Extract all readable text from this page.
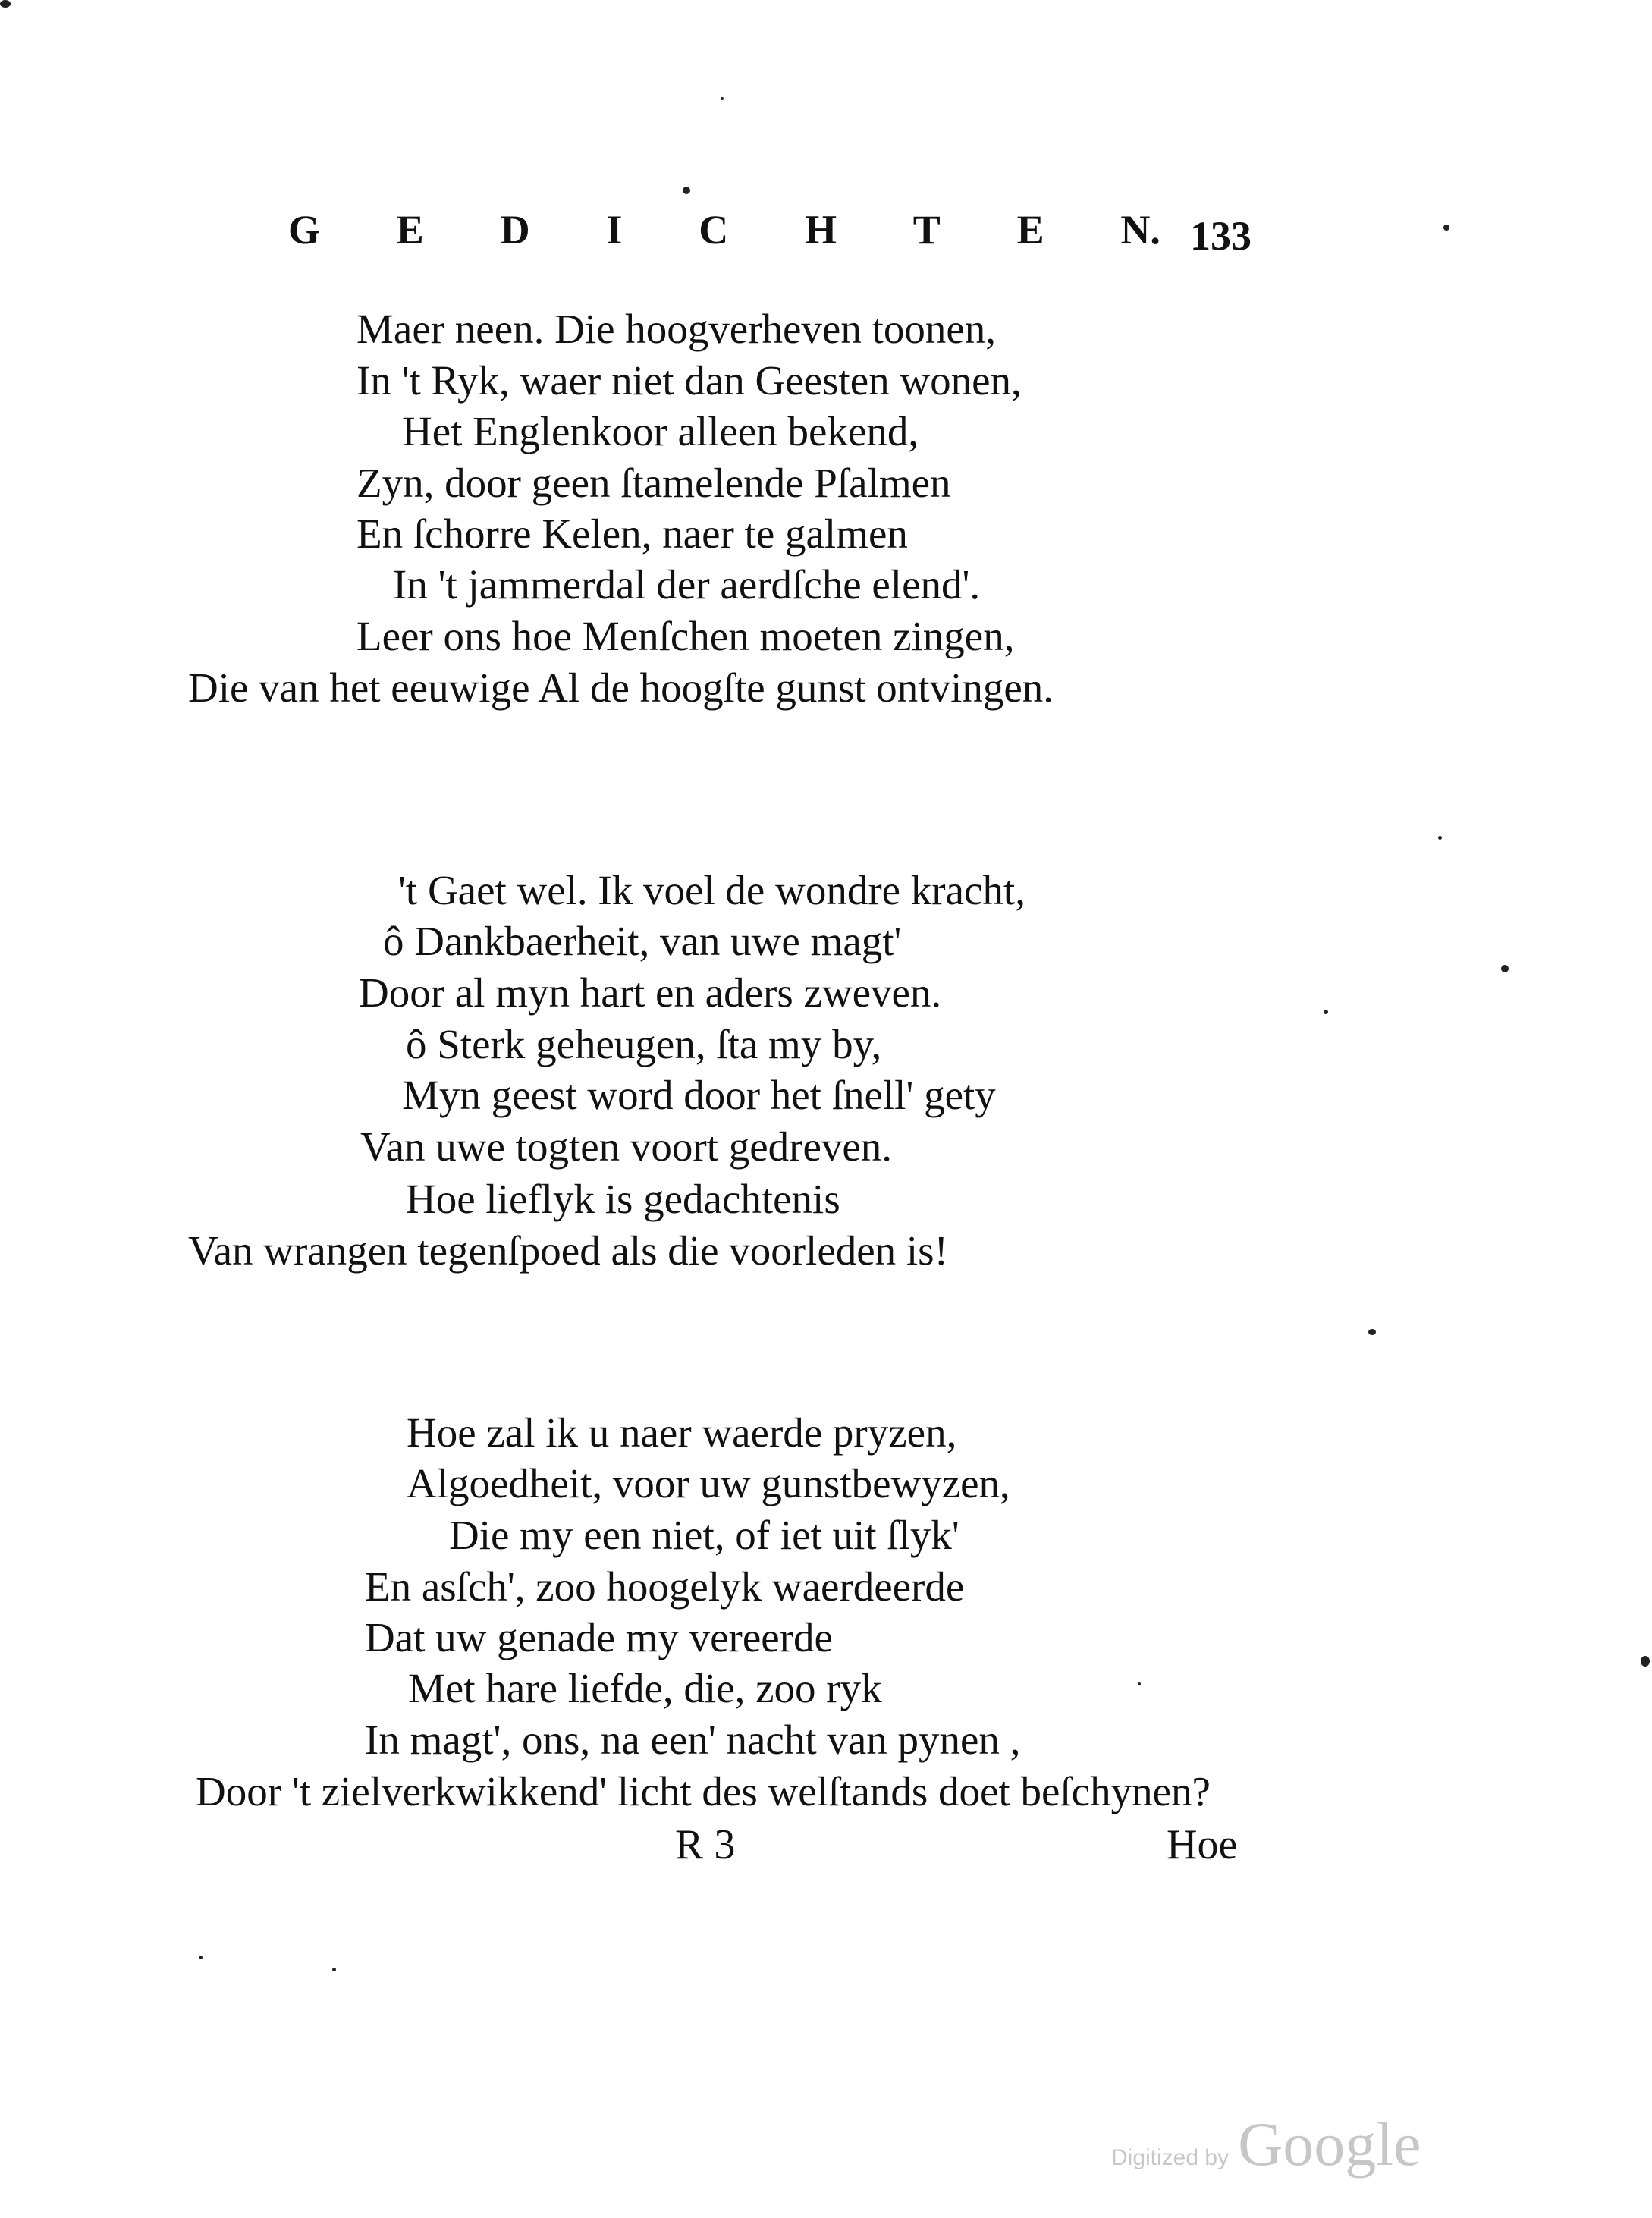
G E D I C H T E N. 133
Maer neen. Die hoogverheven toonen,
In 't Ryk, waer niet dan Geesten wonen,
Het Englenkoor alleen bekend,
Zyn, door geen ſtamelende Pſalmen
En ſchorre Kelen, naer te galmen
In 't jammerdal der aerdſche elend'.
Leer ons hoe Menſchen moeten zingen,
Die van het eeuwige Al de hoogſte gunst ontvingen.
't Gaet wel. Ik voel de wondre kracht,
ô Dankbaerheit, van uwe magt'
Door al myn hart en aders zweven.
ô Sterk geheugen, ſta my by,
Myn geest word door het ſnell' gety
Van uwe togten voort gedreven.
Hoe lieflyk is gedachtenis
Van wrangen tegenſpoed als die voorleden is!
Hoe zal ik u naer waerde pryzen,
Algoedheit, voor uw gunstbewyzen,
Die my een niet, of iet uit ſlyk'
En asſch', zoo hoogelyk waerdeerde
Dat uw genade my vereerde
Met hare liefde, die, zoo ryk
In magt', ons, na een' nacht van pynen ,
Door 't zielverkwikkend' licht des welſtands doet beſchynen?
R 3	Hoe
Digitized by Google
